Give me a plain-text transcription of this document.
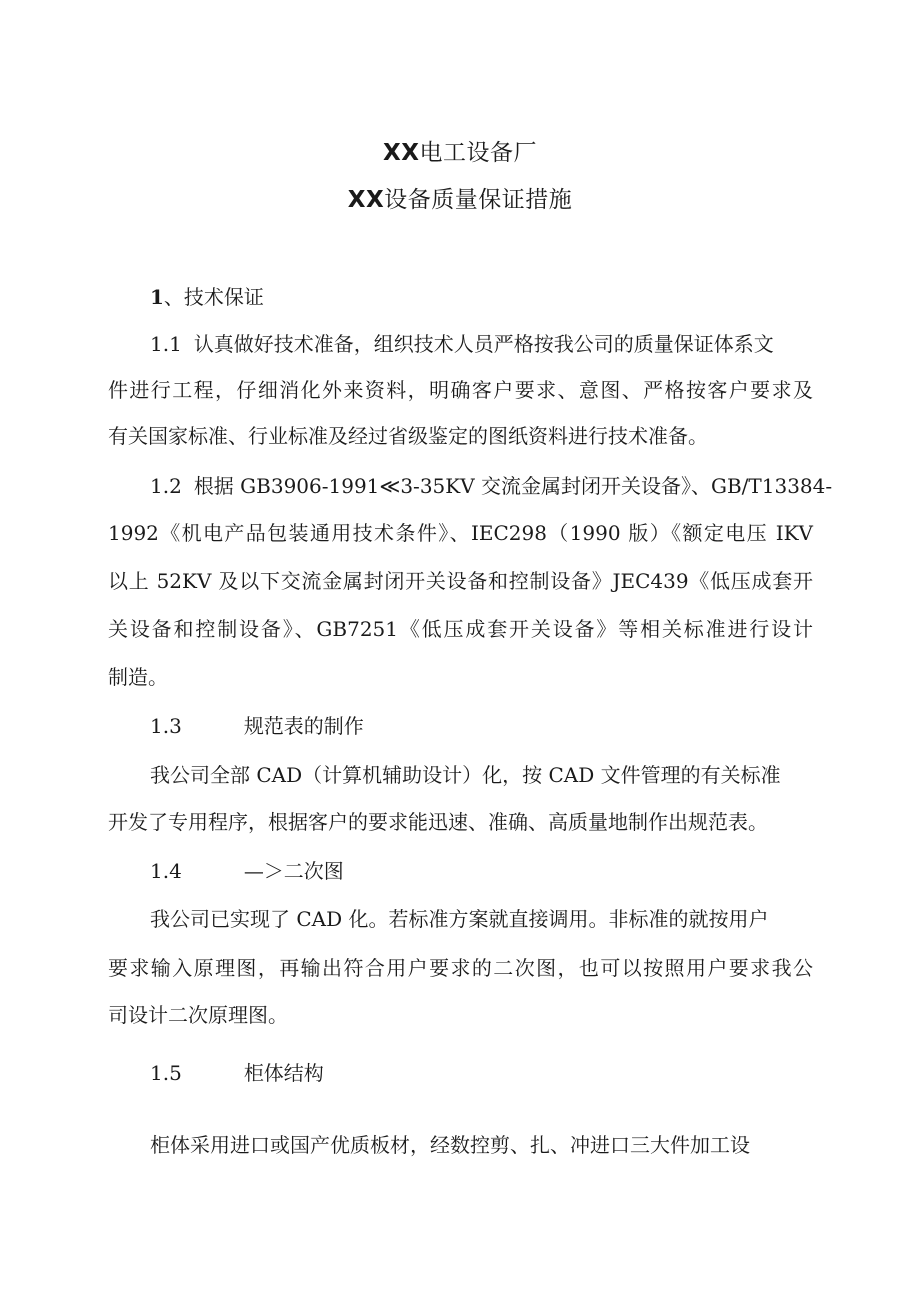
XX电工设备厂
XX设备质量保证措施
1、技术保证
1.1 认真做好技术准备，组织技术人员严格按我公司的质量保证体系文
件进行工程，仔细消化外来资料，明确客户要求、意图、严格按客户要求及
有关国家标准、行业标准及经过省级鉴定的图纸资料进行技术准备。
1.2 根据 GB3906-1991≪3-35KV 交流金属封闭开关设备》、GB/T13384-
1992《机电产品包装通用技术条件》、IEC298（1990 版）《额定电压 IKV
以上 52KV 及以下交流金属封闭开关设备和控制设备》JEC439《低压成套开
关设备和控制设备》、GB7251《低压成套开关设备》等相关标准进行设计
制造。
1.3	规范表的制作
我公司全部 CAD（计算机辅助设计）化，按 CAD 文件管理的有关标准
开发了专用程序，根据客户的要求能迅速、准确、高质量地制作出规范表。
1.4	—＞二次图
我公司已实现了 CAD 化。若标准方案就直接调用。非标准的就按用户
要求输入原理图，再输出符合用户要求的二次图，也可以按照用户要求我公
司设计二次原理图。
1.5	柜体结构
柜体采用进口或国产优质板材，经数控剪、扎、冲进口三大件加工设
